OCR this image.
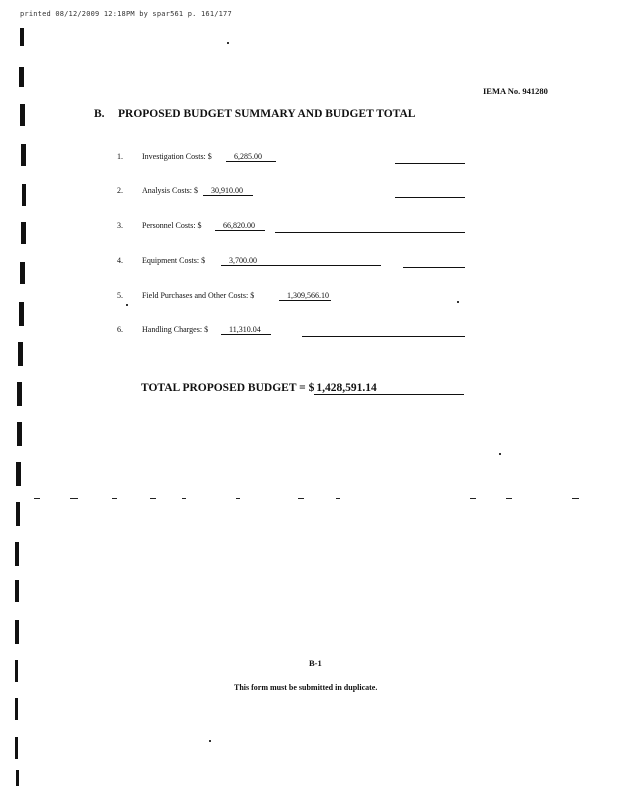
printed 08/12/2009 12:18PM by spar561 p. 161/177
IEMA No. 941280
B. PROPOSED BUDGET SUMMARY AND BUDGET TOTAL
1. Investigation Costs: $	6,285.00
2. Analysis Costs: $	30,910.00
3. Personnel Costs: $	66,820.00
4. Equipment Costs: $	3,700.00
5. Field Purchases and Other Costs: $	1,309,566.10
6. Handling Charges: $	11,310.04
TOTAL PROPOSED BUDGET = $ 1,428,591.14
B-1
This form must be submitted in duplicate.
